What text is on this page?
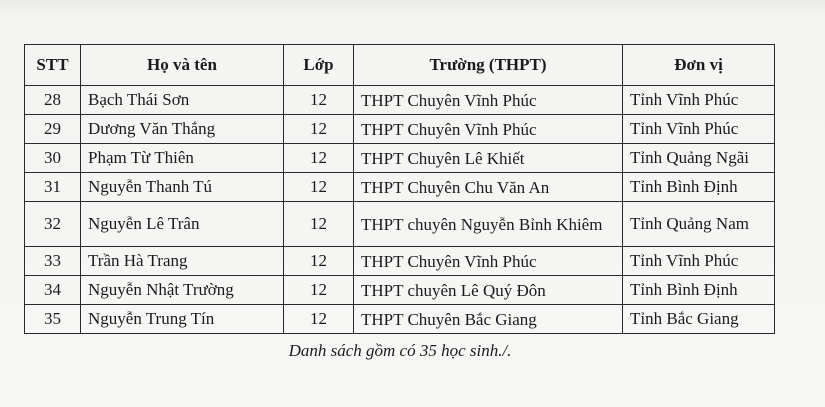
STT	Họ và tên	Lớp	Trường (THPT)	Đơn vị
28	Bạch Thái Sơn	12	THPT Chuyên Vĩnh Phúc	Tỉnh Vĩnh Phúc
29	Dương Văn Thắng	12	THPT Chuyên Vĩnh Phúc	Tỉnh Vĩnh Phúc
30	Phạm Từ Thiên	12	THPT Chuyên Lê Khiết	Tỉnh Quảng Ngãi
31	Nguyễn Thanh Tú	12	THPT Chuyên Chu Văn An	Tỉnh Bình Định
32	Nguyễn Lê Trân	12	THPT chuyên Nguyễn Bỉnh Khiêm	Tỉnh Quảng Nam
33	Trần Hà Trang	12	THPT Chuyên Vĩnh Phúc	Tỉnh Vĩnh Phúc
34	Nguyễn Nhật Trường	12	THPT chuyên Lê Quý Đôn	Tỉnh Bình Định
35	Nguyễn Trung Tín	12	THPT Chuyên Bắc Giang	Tỉnh Bắc Giang
Danh sách gồm có 35 học sinh./.
